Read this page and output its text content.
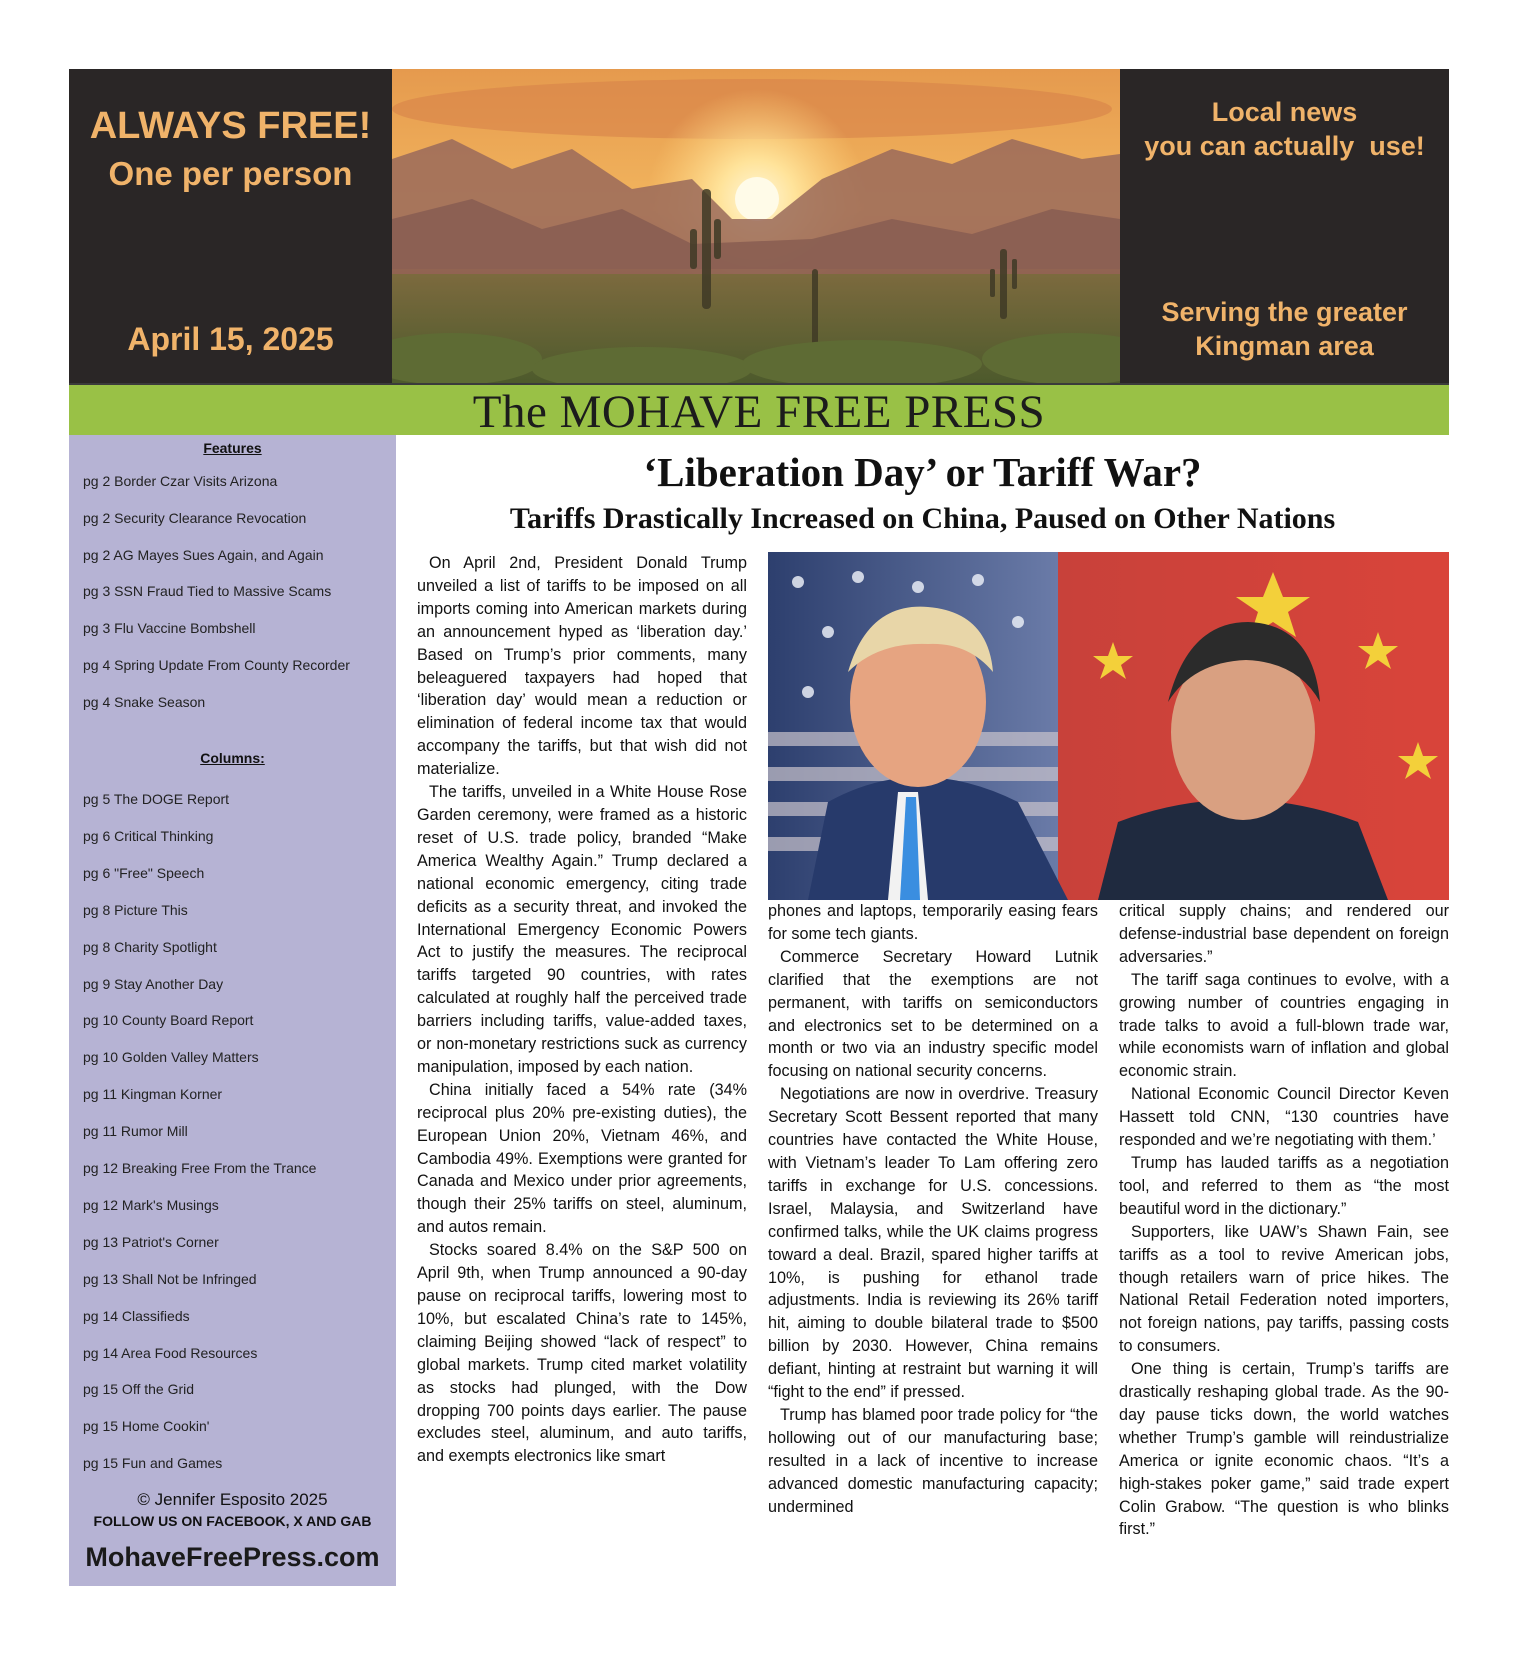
ALWAYS FREE!
One per person
April 15, 2025
Local news
you can actually  use!
Serving the greater
Kingman area
The MOHAVE FREE PRESS
Features
pg 2 Border Czar Visits Arizona
pg 2 Security Clearance Revocation
pg 2 AG Mayes Sues Again, and Again
pg 3 SSN Fraud Tied to Massive Scams
pg 3 Flu Vaccine Bombshell
pg 4 Spring Update From County Recorder
pg 4 Snake Season
Columns:
pg 5 The DOGE Report
pg 6 Critical Thinking
pg 6 "Free" Speech
pg 8 Picture This
pg 8 Charity Spotlight
pg 9 Stay Another Day
pg 10 County Board Report
pg 10 Golden Valley Matters
pg 11 Kingman Korner
pg 11 Rumor Mill
pg 12 Breaking Free From the Trance
pg 12 Mark's Musings
pg 13 Patriot's Corner
pg 13 Shall Not be Infringed
pg 14 Classifieds
pg 14 Area Food Resources
pg 15 Off the Grid
pg 15 Home Cookin'
pg 15 Fun and Games
© Jennifer Esposito 2025
FOLLOW US ON FACEBOOK, X AND GAB
MohaveFreePress.com
‘Liberation Day’ or Tariff War?
Tariffs Drastically Increased on China, Paused on Other Nations

On April 2nd, President Donald Trump unveiled a list of tariffs to be imposed on all imports coming into American markets during an announcement hyped as ‘liberation day.’ Based on Trump’s prior comments, many beleaguered taxpayers had hoped that ‘liberation day’ would mean a reduction or elimination of federal income tax that would accompany the tariffs, but that wish did not materialize.

The tariffs, unveiled in a White House Rose Garden ceremony, were framed as a historic reset of U.S. trade policy, branded “Make America Wealthy Again.” Trump declared a national economic emergency, citing trade deficits as a security threat, and invoked the International Emergency Economic Powers Act to justify the measures. The reciprocal tariffs targeted 90 countries, with rates calculated at roughly half the perceived trade barriers including tariffs, value-added taxes, or non-monetary restrictions suck as currency manipulation, imposed by each nation.

China initially faced a 54% rate (34% reciprocal plus 20% pre-existing duties), the European Union 20%, Vietnam 46%, and Cambodia 49%. Exemptions were granted for Canada and Mexico under prior agreements, though their 25% tariffs on steel, aluminum, and autos remain.

Stocks soared 8.4% on the S&P 500 on April 9th, when Trump announced a 90-day pause on reciprocal tariffs, lowering most to 10%, but escalated China’s rate to 145%, claiming Beijing showed “lack of respect” to global markets. Trump cited market volatility as stocks had plunged, with the Dow dropping 700 points days earlier. The pause excludes steel, aluminum, and auto tariffs, and exempts electronics like smart

phones and laptops, temporarily easing fears for some tech giants.

Commerce Secretary Howard Lutnik clarified that the exemptions are not permanent, with tariffs on semiconductors and electronics set to be determined on a month or two via an industry specific model focusing on national security concerns.

Negotiations are now in overdrive. Treasury Secretary Scott Bessent reported that many countries have contacted the White House, with Vietnam’s leader To Lam offering zero tariffs in exchange for U.S. concessions. Israel, Malaysia, and Switzerland have confirmed talks, while the UK claims progress toward a deal. Brazil, spared higher tariffs at 10%, is pushing for ethanol trade adjustments. India is reviewing its 26% tariff hit, aiming to double bilateral trade to $500 billion by 2030. However, China remains defiant, hinting at restraint but warning it will “fight to the end” if pressed.

Trump has blamed poor trade policy for “the hollowing out of our manufacturing base; resulted in a lack of incentive to increase advanced domestic manufacturing capacity; undermined

critical supply chains; and rendered our defense-industrial base dependent on foreign adversaries.”

The tariff saga continues to evolve, with a growing number of countries engaging in trade talks to avoid a full-blown trade war, while economists warn of inflation and global economic strain.

National Economic Council Director Keven Hassett told CNN, “130 countries have responded and we’re negotiating with them.’

Trump has lauded tariffs as a negotiation tool, and referred to them as “the most beautiful word in the dictionary.”

Supporters, like UAW’s Shawn Fain, see tariffs as a tool to revive American jobs, though retailers warn of price hikes. The National Retail Federation noted importers, not foreign nations, pay tariffs, passing costs to consumers.

One thing is certain, Trump’s tariffs are drastically reshaping global trade. As the 90-day pause ticks down, the world watches whether Trump’s gamble will reindustrialize America or ignite economic chaos. “It’s a high-stakes poker game,” said trade expert Colin Grabow. “The question is who blinks first.”
